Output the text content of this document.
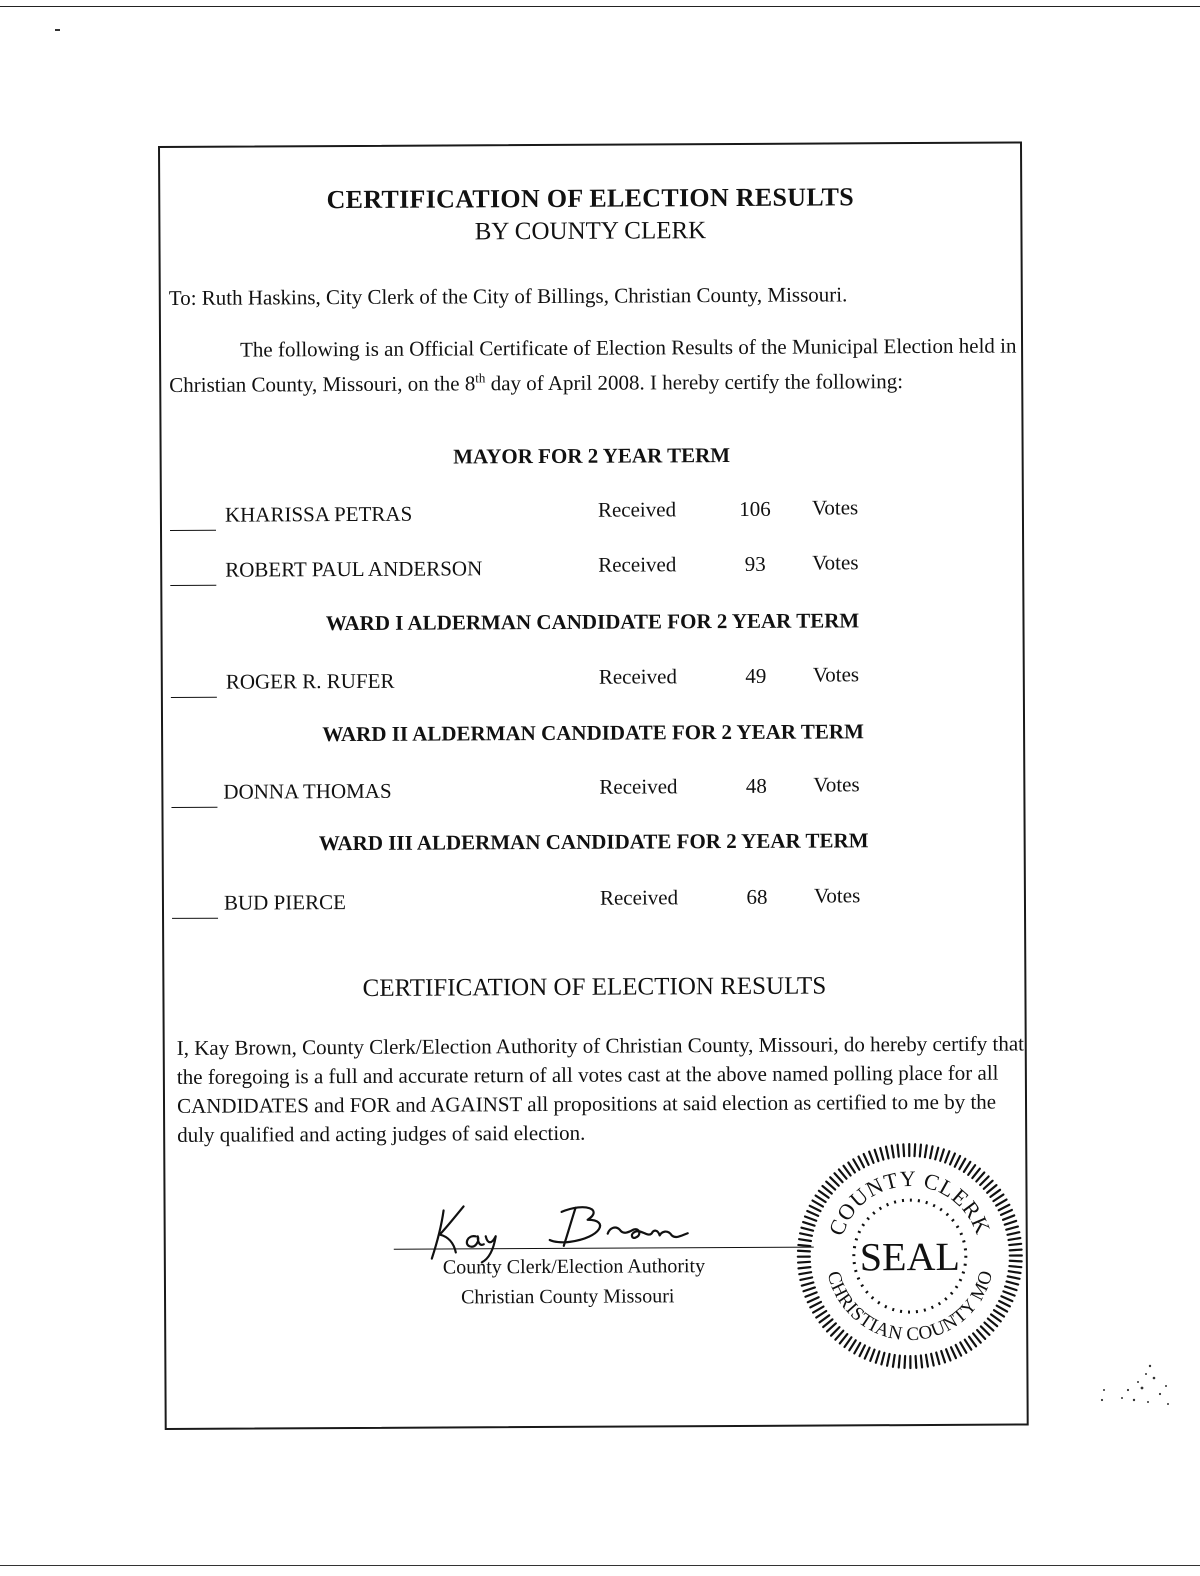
CERTIFICATION OF ELECTION RESULTS
BY COUNTY CLERK
To: Ruth Haskins, City Clerk of the City of Billings, Christian County, Missouri.
The following is an Official Certificate of Election Results of the Municipal Election held in Christian County, Missouri, on the 8th day of April 2008. I hereby certify the following:
MAYOR FOR 2 YEAR TERM
KHARISSA PETRAS	Received	106	Votes
ROBERT PAUL ANDERSON	Received	93	Votes
WARD I ALDERMAN CANDIDATE FOR 2 YEAR TERM
ROGER R. RUFER	Received	49	Votes
WARD II ALDERMAN CANDIDATE FOR 2 YEAR TERM
DONNA THOMAS	Received	48	Votes
WARD III ALDERMAN CANDIDATE FOR 2 YEAR TERM
BUD PIERCE	Received	68	Votes
CERTIFICATION OF ELECTION RESULTS
I, Kay Brown, County Clerk/Election Authority of Christian County, Missouri, do hereby certify that the foregoing is a full and accurate return of all votes cast at the above named polling place for all CANDIDATES and FOR and AGAINST all propositions at said election as certified to me by the duly qualified and acting judges of said election.
County Clerk/Election Authority
Christian County Missouri
COUNTY CLERK
CHRISTIAN COUNTY MO
SEAL
